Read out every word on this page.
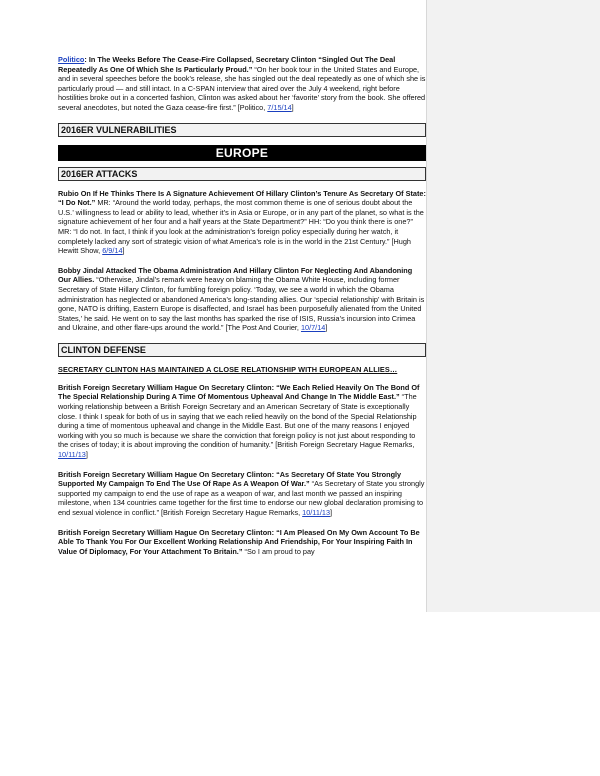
Politico: In The Weeks Before The Cease-Fire Collapsed, Secretary Clinton “Singled Out The Deal Repeatedly As One Of Which She Is Particularly Proud.” “On her book tour in the United States and Europe, and in several speeches before the book’s release, she has singled out the deal repeatedly as one of which she is particularly proud — and still intact. In a C-SPAN interview that aired over the July 4 weekend, right before hostilities broke out in a concerted fashion, Clinton was asked about her ‘favorite’ story from the book. She offered several anecdotes, but noted the Gaza cease-fire first.” [Politico, 7/15/14]

2016ER VULNERABILITIES
EUROPE
2016ER ATTACKS

Rubio On If He Thinks There Is A Signature Achievement Of Hillary Clinton’s Tenure As Secretary Of State: “I Do Not.” MR: “Around the world today, perhaps, the most common theme is one of serious doubt about the U.S.’ willingness to lead or ability to lead, whether it’s in Asia or Europe, or in any part of the planet, so what is the signature achievement of her four and a half years at the State Department?” HH: “Do you think there is one?” MR: “I do not. In fact, I think if you look at the administration’s foreign policy especially during her watch, it completely lacked any sort of strategic vision of what America’s role is in the world in the 21st Century.” [Hugh Hewitt Show, 6/9/14]

Bobby Jindal Attacked The Obama Administration And Hillary Clinton For Neglecting And Abandoning Our Allies. “Otherwise, Jindal’s remark were heavy on blaming the Obama White House, including former Secretary of State Hillary Clinton, for fumbling foreign policy. ‘Today, we see a world in which the Obama administration has neglected or abandoned America’s long-standing allies. Our ‘special relationship’ with Britain is gone, NATO is drifting, Eastern Europe is disaffected, and Israel has been purposefully alienated from the United States,’ he said. He went on to say the last months has sparked the rise of ISIS, Russia’s incursion into Crimea and Ukraine, and other flare-ups around the world.” [The Post And Courier, 10/7/14]

CLINTON DEFENSE
SECRETARY CLINTON HAS MAINTAINED A CLOSE RELATIONSHIP WITH EUROPEAN ALLIES…

British Foreign Secretary William Hague On Secretary Clinton: “We Each Relied Heavily On The Bond Of The Special Relationship During A Time Of Momentous Upheaval And Change In The Middle East.” “The working relationship between a British Foreign Secretary and an American Secretary of State is exceptionally close. I think I speak for both of us in saying that we each relied heavily on the bond of the Special Relationship during a time of momentous upheaval and change in the Middle East. But one of the many reasons I enjoyed working with you so much is because we share the conviction that foreign policy is not just about responding to the crises of today; it is about improving the condition of humanity.” [British Foreign Secretary Hague Remarks, 10/11/13]

British Foreign Secretary William Hague On Secretary Clinton: “As Secretary Of State You Strongly Supported My Campaign To End The Use Of Rape As A Weapon Of War.” “As Secretary of State you strongly supported my campaign to end the use of rape as a weapon of war, and last month we passed an inspiring milestone, when 134 countries came together for the first time to endorse our new global declaration promising to end sexual violence in conflict.” [British Foreign Secretary Hague Remarks, 10/11/13]

British Foreign Secretary William Hague On Secretary Clinton: “I Am Pleased On My Own Account To Be Able To Thank You For Our Excellent Working Relationship And Friendship, For Your Inspiring Faith In Value Of Diplomacy, For Your Attachment To Britain.” “So I am proud to pay
